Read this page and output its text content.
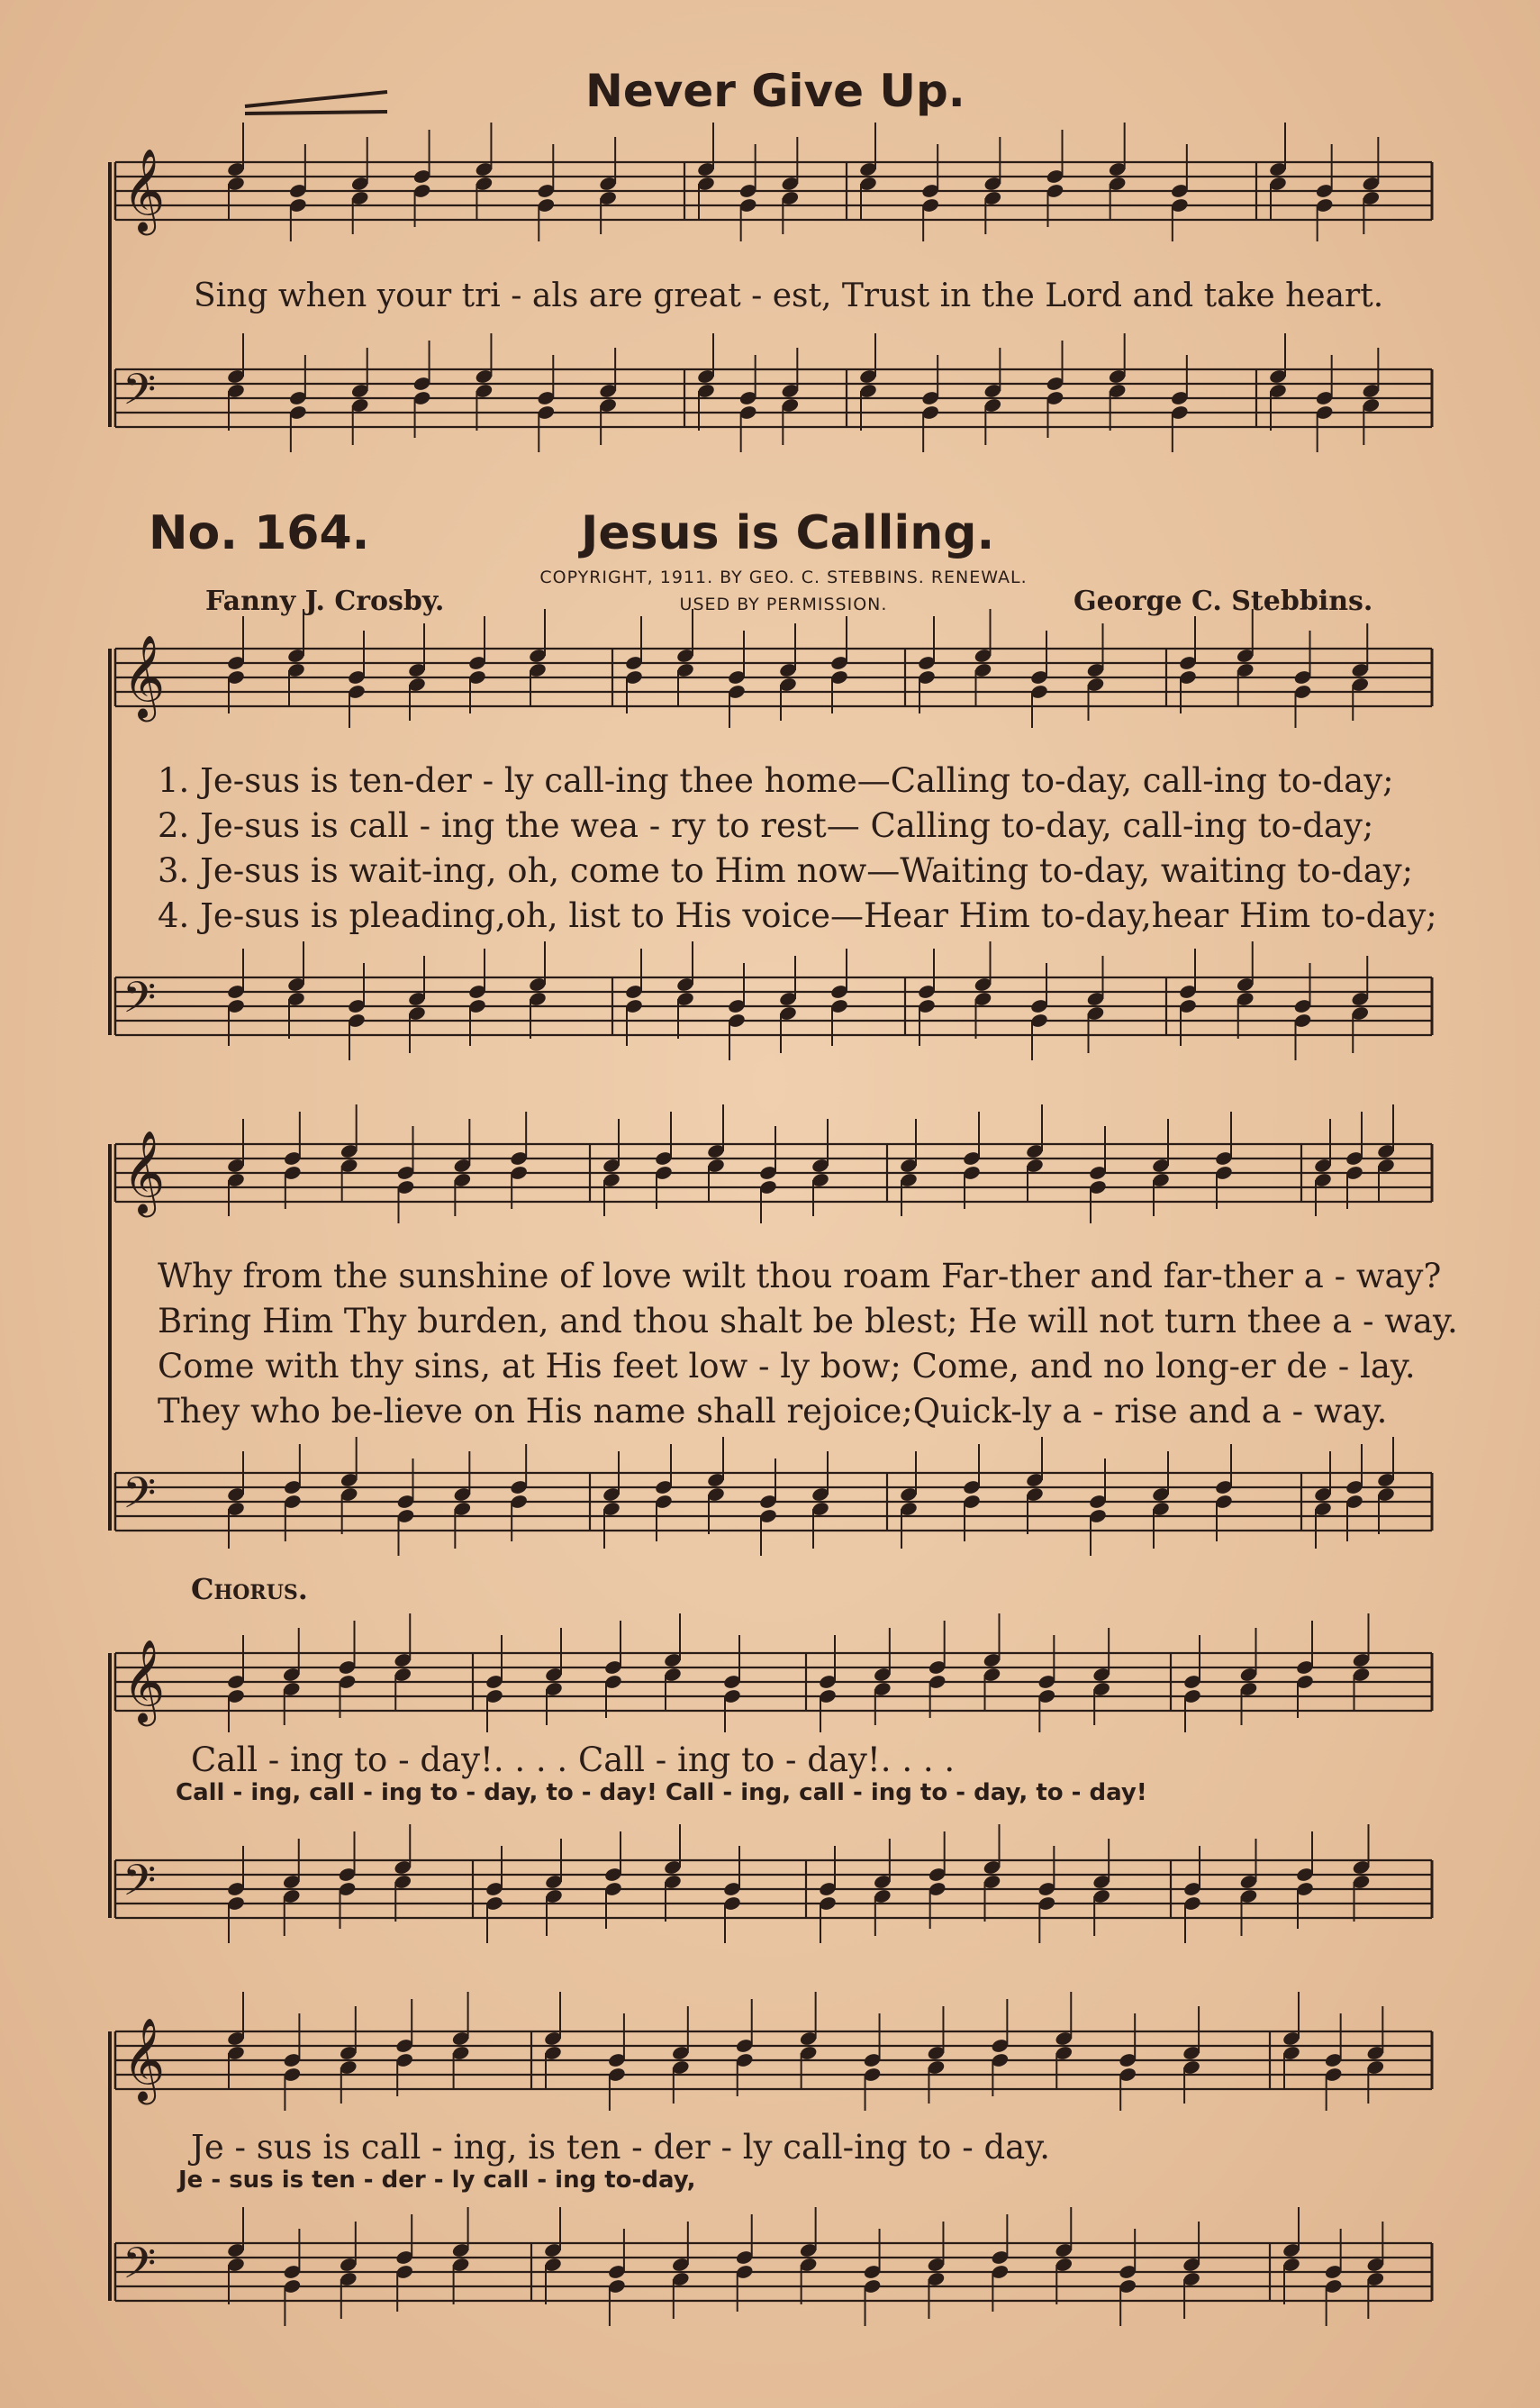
𝄞
𝄢
𝄞
𝄢
𝄞
𝄢
𝄞
𝄢
𝄞
𝄢
Never Give Up.
Sing when your tri - als are great - est, Trust in the Lord and take heart.
No. 164.	Jesus is Calling.
COPYRIGHT, 1911. BY GEO. C. STEBBINS. RENEWAL.
USED BY PERMISSION.
Fanny J. Crosby.	George C. Stebbins.
1. Je-sus is ten-der - ly call-ing thee home—Calling to-day, call-ing to-day;
2. Je-sus is call - ing the wea - ry to rest— Calling to-day, call-ing to-day;
3. Je-sus is wait-ing, oh, come to Him now—Waiting to-day, waiting to-day;
4. Je-sus is pleading,oh, list to His voice—Hear Him to-day,hear Him to-day;
Why from the sunshine of love wilt thou roam Far-ther and far-ther a - way?
Bring Him Thy burden, and thou shalt be blest; He will not turn thee a - way.
Come with thy sins, at His feet low - ly bow; Come, and no long-er de - lay.
They who be-lieve on His name shall rejoice;Quick-ly a - rise and a - way.
Chorus.
Call - ing to - day!. . . . Call - ing to - day!. . . .
Call - ing, call - ing to - day, to - day! Call - ing, call - ing to - day, to - day!
Je - sus is call - ing, is ten - der - ly call-ing to - day.
Je - sus is ten - der - ly call - ing to-day,
